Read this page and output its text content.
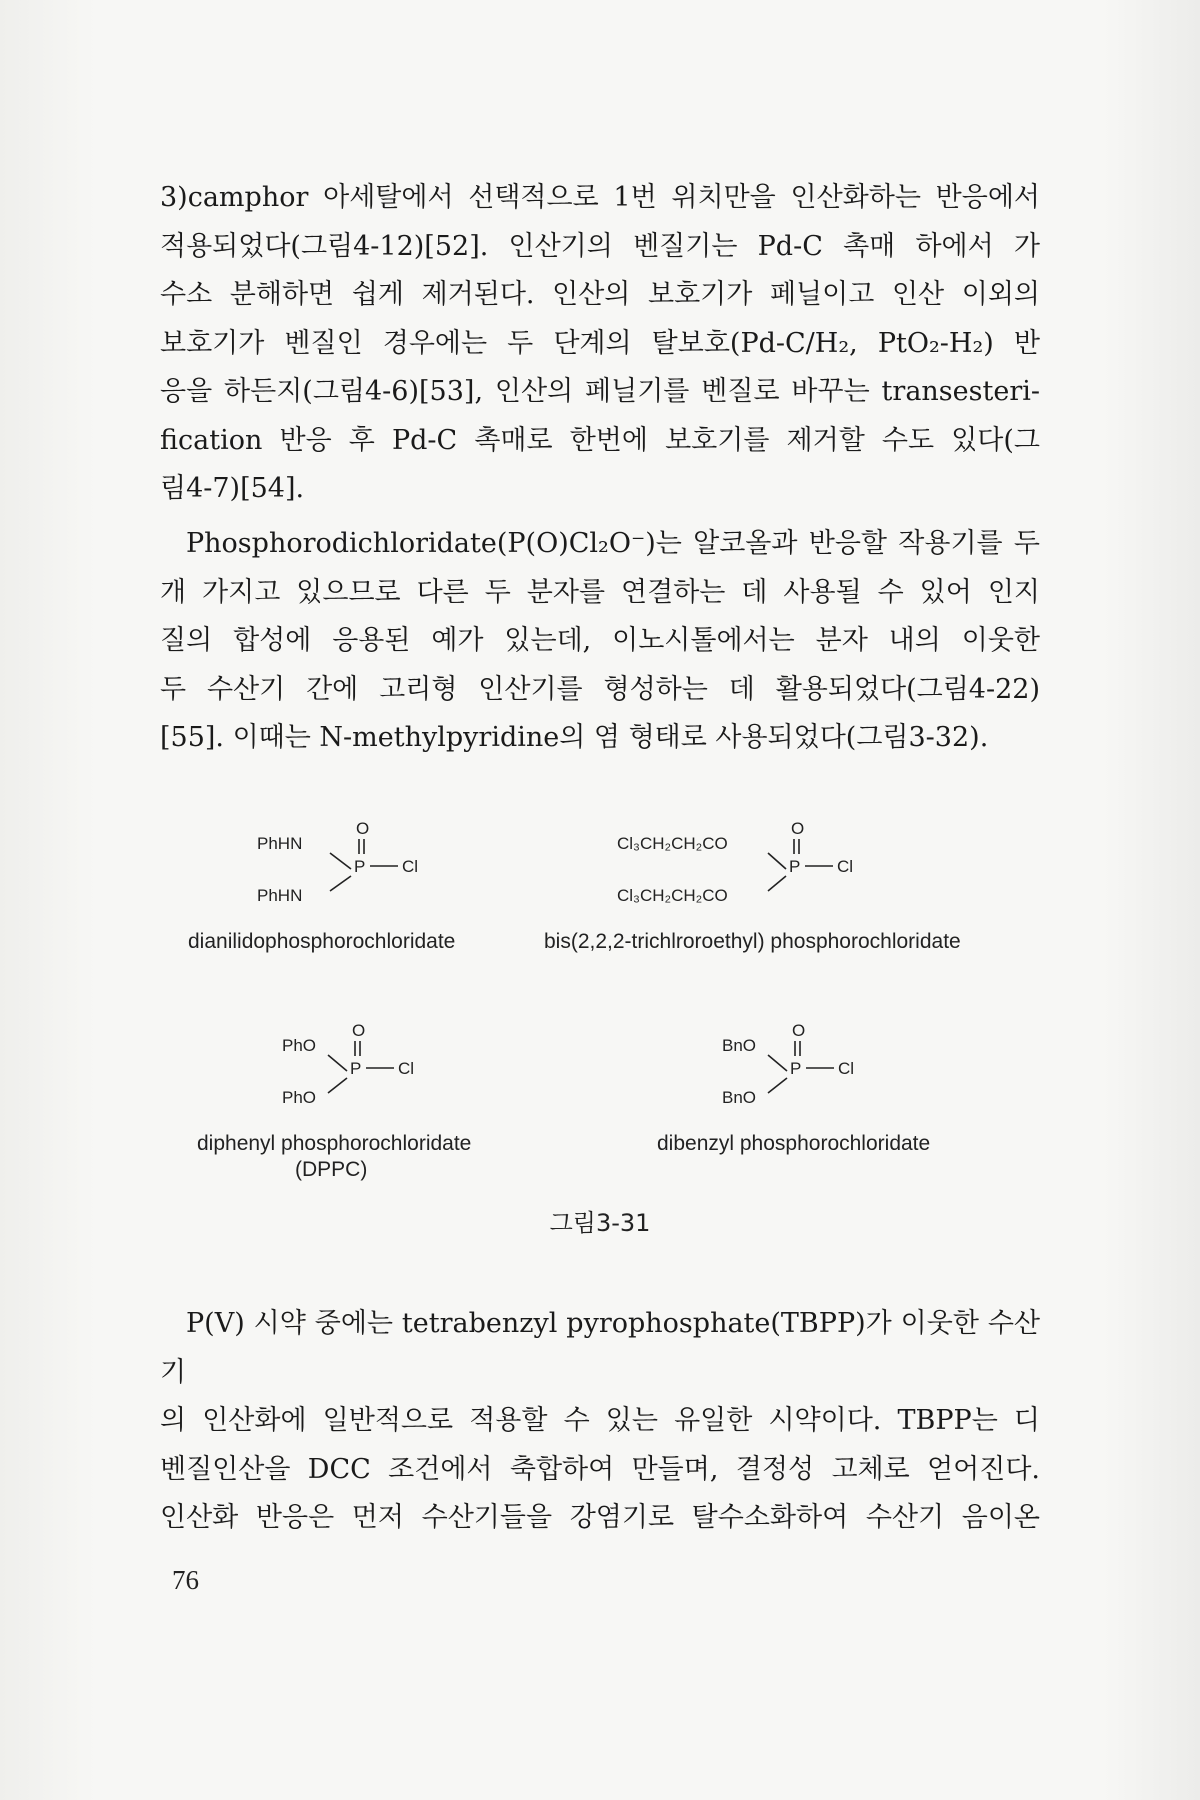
3)camphor 아세탈에서 선택적으로 1번 위치만을 인산화하는 반응에서

적용되었다(그림4-12)[52]. 인산기의 벤질기는 Pd-C 촉매 하에서 가

수소 분해하면 쉽게 제거된다. 인산의 보호기가 페닐이고 인산 이외의

보호기가 벤질인 경우에는 두 단계의 탈보호(Pd-C/H₂, PtO₂-H₂) 반

응을 하든지(그림4-6)[53], 인산의 페닐기를 벤질로 바꾸는 transesteri-

fication 반응 후 Pd-C 촉매로 한번에 보호기를 제거할 수도 있다(그

림4-7)[54].

Phosphorodichloridate(P(O)Cl₂O⁻)는 알코올과 반응할 작용기를 두

개 가지고 있으므로 다른 두 분자를 연결하는 데 사용될 수 있어 인지

질의 합성에 응용된 예가 있는데, 이노시톨에서는 분자 내의 이웃한

두 수산기 간에 고리형 인산기를 형성하는 데 활용되었다(그림4-22)

[55]. 이때는 N-methylpyridine의 염 형태로 사용되었다(그림3-32).

O
PhHN
P Cl
PhHN
dianilidophosphorochloridate
O
Cl₃CH₂CH₂CO
P Cl
Cl₃CH₂CH₂CO
bis(2,2,2-trichlroroethyl) phosphorochloridate
O
PhO
P Cl
PhO
diphenyl phosphorochloridate
(DPPC)
O
BnO
P Cl
BnO
dibenzyl phosphorochloridate
그림3-31

P(V) 시약 중에는 tetrabenzyl pyrophosphate(TBPP)가 이웃한 수산기

의 인산화에 일반적으로 적용할 수 있는 유일한 시약이다. TBPP는 디

벤질인산을 DCC 조건에서 축합하여 만들며, 결정성 고체로 얻어진다.

인산화 반응은 먼저 수산기들을 강염기로 탈수소화하여 수산기 음이온

76
